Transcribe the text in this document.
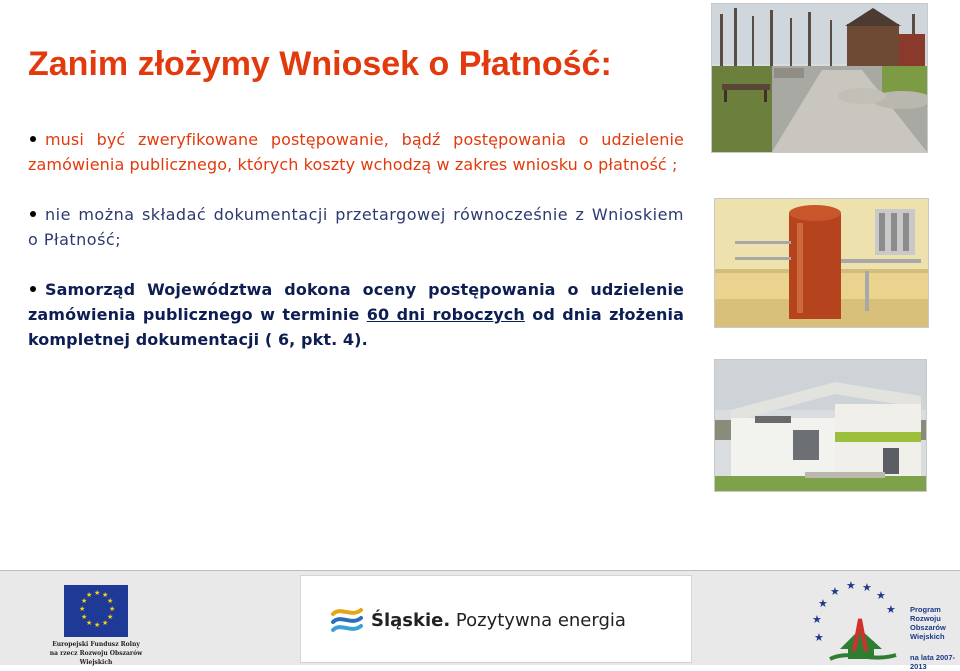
Zanim złożymy Wniosek o Płatność:
musi być zweryfikowane postępowanie, bądź postępowania o udzielenie zamówienia publicznego, których koszty wchodzą w zakres wniosku o płatność ;
nie można składać dokumentacji przetargowej równocześnie z Wnioskiem o Płatność;
Samorząd Województwa dokona oceny postępowania o udzielenie zamówienia publicznego w terminie 60 dni roboczych od dnia złożenia kompletnej dokumentacji ( 6, pkt. 4).
★ ★
★
★
★
★
★
★
★
★
★
★
Europejski Fundusz Rolny
na rzecz Rozwoju Obszarów Wiejskich
Śląskie. Pozytywna energia	★
★
★ ★ ★
★
★
★
Program
Rozwoju
Obszarów
Wiejskich
na lata 2007-2013
